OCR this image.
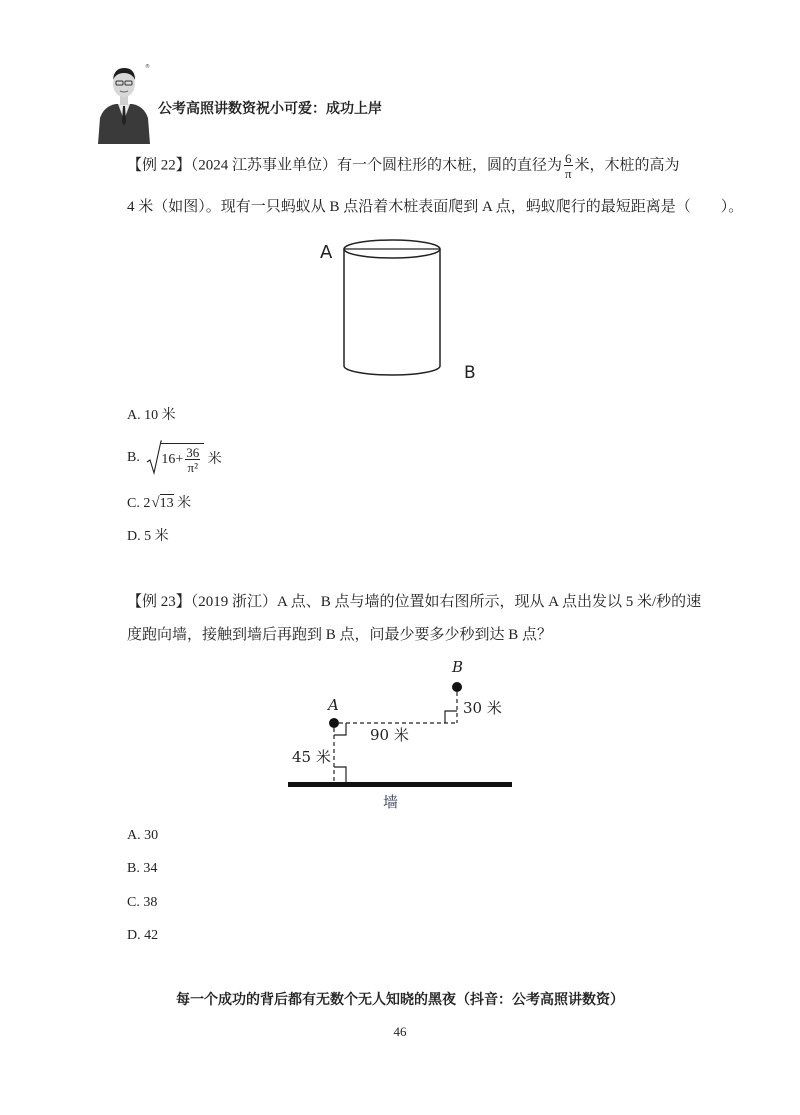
®
公考高照讲数资祝小可爱：成功上岸
【例 22】（2024 江苏事业单位）有一个圆柱形的木桩，圆的直径为 $\frac{6}{\pi}$ 米，木桩的高为
4 米（如图）。现有一只蚂蚁从 B 点沿着木桩表面爬到 A 点，蚂蚁爬行的最短距离是（　　）。
A
B
A. 10 米
B. $16+ \frac{36}{\text{π²}}$ 米
C. 2√13 米
D. 5 米
【例 23】（2019 浙江）A 点、B 点与墙的位置如右图所示，现从 A 点出发以 5 米/秒的速
度跑向墙，接触到墙后再跑到 B 点，问最少要多少秒到达 B 点？
B
30 米
A
90 米
45 米
墙
A. 30
B. 34
C. 38
D. 42
每一个成功的背后都有无数个无人知晓的黑夜（抖音：公考高照讲数资）
46
